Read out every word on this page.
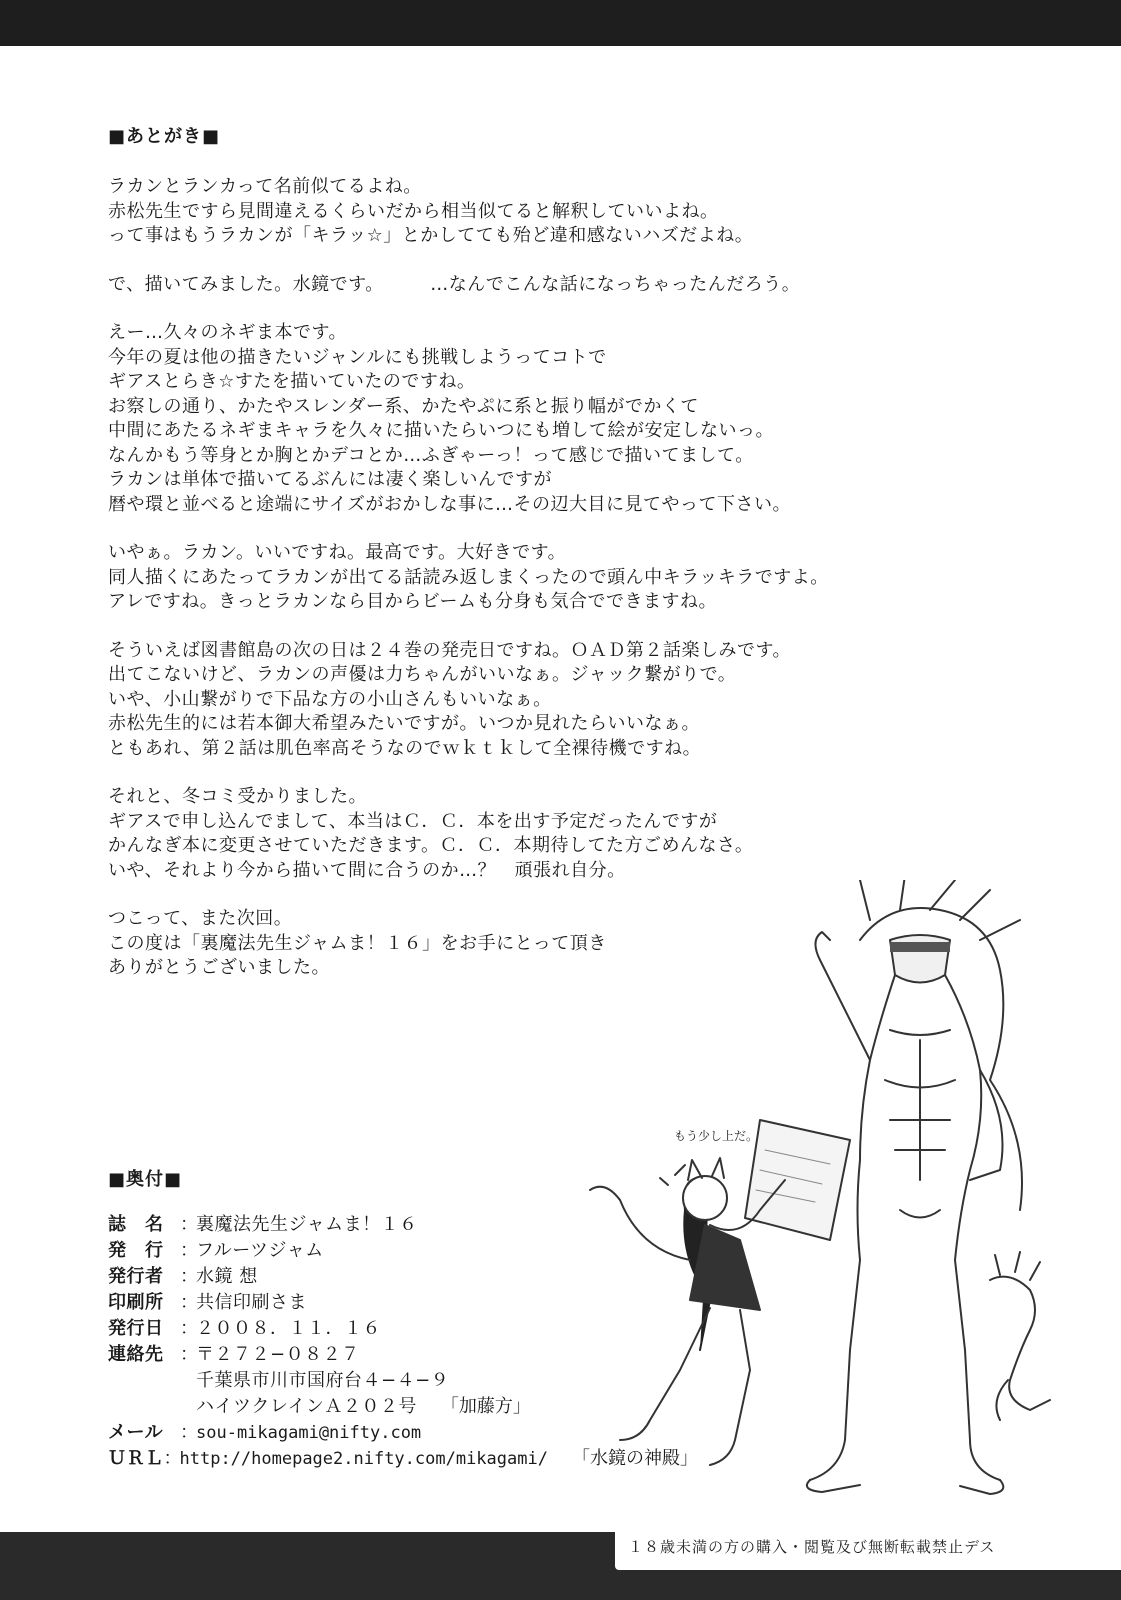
■あとがき■

ラカンとランカって名前似てるよね。

赤松先生ですら見間違えるくらいだから相当似てると解釈していいよね。

って事はもうラカンが「キラッ☆」とかしてても殆ど違和感ないハズだよね。

で、描いてみました。水鏡です。　　　…なんでこんな話になっちゃったんだろう。

えー…久々のネギま本です。

今年の夏は他の描きたいジャンルにも挑戦しようってコトで

ギアスとらき☆すたを描いていたのですね。

お察しの通り、かたやスレンダー系、かたやぷに系と振り幅がでかくて

中間にあたるネギまキャラを久々に描いたらいつにも増して絵が安定しないっ。

なんかもう等身とか胸とかデコとか…ふぎゃーっ！って感じで描いてまして。

ラカンは単体で描いてるぶんには凄く楽しいんですが

暦や環と並べると途端にサイズがおかしな事に…その辺大目に見てやって下さい。

いやぁ。ラカン。いいですね。最高です。大好きです。

同人描くにあたってラカンが出てる話読み返しまくったので頭ん中キラッキラですよ。

アレですね。きっとラカンなら目からビームも分身も気合でできますね。

そういえば図書館島の次の日は２４巻の発売日ですね。ＯＡＤ第２話楽しみです。

出てこないけど、ラカンの声優は力ちゃんがいいなぁ。ジャック繋がりで。

いや、小山繋がりで下品な方の小山さんもいいなぁ。

赤松先生的には若本御大希望みたいですが。いつか見れたらいいなぁ。

ともあれ、第２話は肌色率高そうなのでｗｋｔｋして全裸待機ですね。

それと、冬コミ受かりました。

ギアスで申し込んでまして、本当はＣ．Ｃ．本を出す予定だったんですが

かんなぎ本に変更させていただきます。Ｃ．Ｃ．本期待してた方ごめんなさ。

いや、それより今から描いて間に合うのか…？　頑張れ自分。

つこって、また次回。

この度は「裏魔法先生ジャムま！１６」をお手にとって頂き

ありがとうございました。

■奥付■
誌　名 ：
裏魔法先生ジャムま！１６
発　行 ：
フルーツジャム
発行者 ：
水鏡 想
印刷所 ：
共信印刷さま
発行日 ：
２００８．１１．１６
連絡先 ：
〒２７２−０８２７
千葉県市川市国府台４−４−９
ハイツクレインＡ２０２号 「加藤方」
メール ：
sou-mikagami@nifty.com
ＵＲＬ ：
http://homepage2.nifty.com/mikagami/ 「水鏡の神殿」
もう少し上だ。
１８歳未満の方の購入・閲覧及び無断転載禁止デス
